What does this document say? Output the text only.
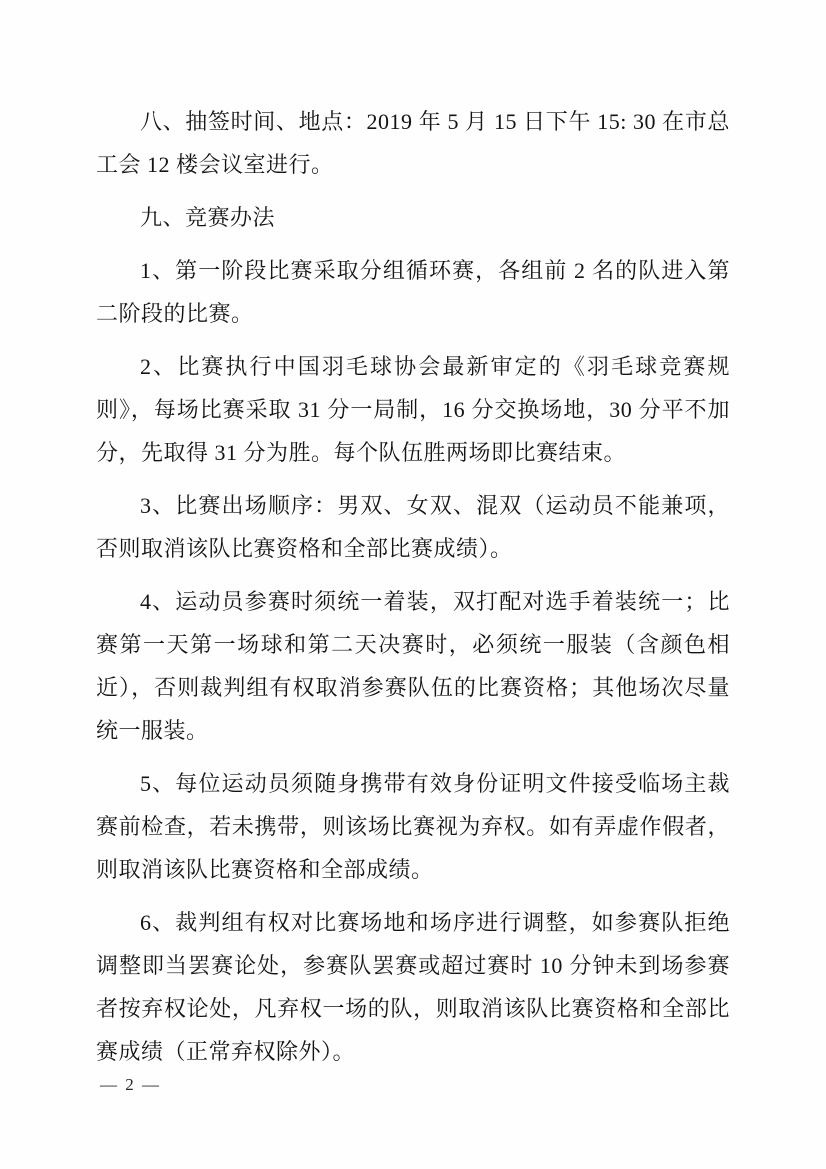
八、抽签时间、地点：2019 年 5 月 15 日下午 15: 30 在市总
工会 12 楼会议室进行。
九、竞赛办法
1、第一阶段比赛采取分组循环赛，各组前 2 名的队进入第
二阶段的比赛。
2、比赛执行中国羽毛球协会最新审定的《羽毛球竞赛规
则》，每场比赛采取 31 分一局制，16 分交换场地，30 分平不加
分，先取得 31 分为胜。每个队伍胜两场即比赛结束。
3、比赛出场顺序：男双、女双、混双（运动员不能兼项，
否则取消该队比赛资格和全部比赛成绩）。
4、运动员参赛时须统一着装，双打配对选手着装统一；比
赛第一天第一场球和第二天决赛时，必须统一服装（含颜色相
近），否则裁判组有权取消参赛队伍的比赛资格；其他场次尽量
统一服装。
5、每位运动员须随身携带有效身份证明文件接受临场主裁
赛前检查，若未携带，则该场比赛视为弃权。如有弄虚作假者，
则取消该队比赛资格和全部成绩。
6、裁判组有权对比赛场地和场序进行调整，如参赛队拒绝
调整即当罢赛论处，参赛队罢赛或超过赛时 10 分钟未到场参赛
者按弃权论处，凡弃权一场的队，则取消该队比赛资格和全部比
赛成绩（正常弃权除外）。
— 2 —
